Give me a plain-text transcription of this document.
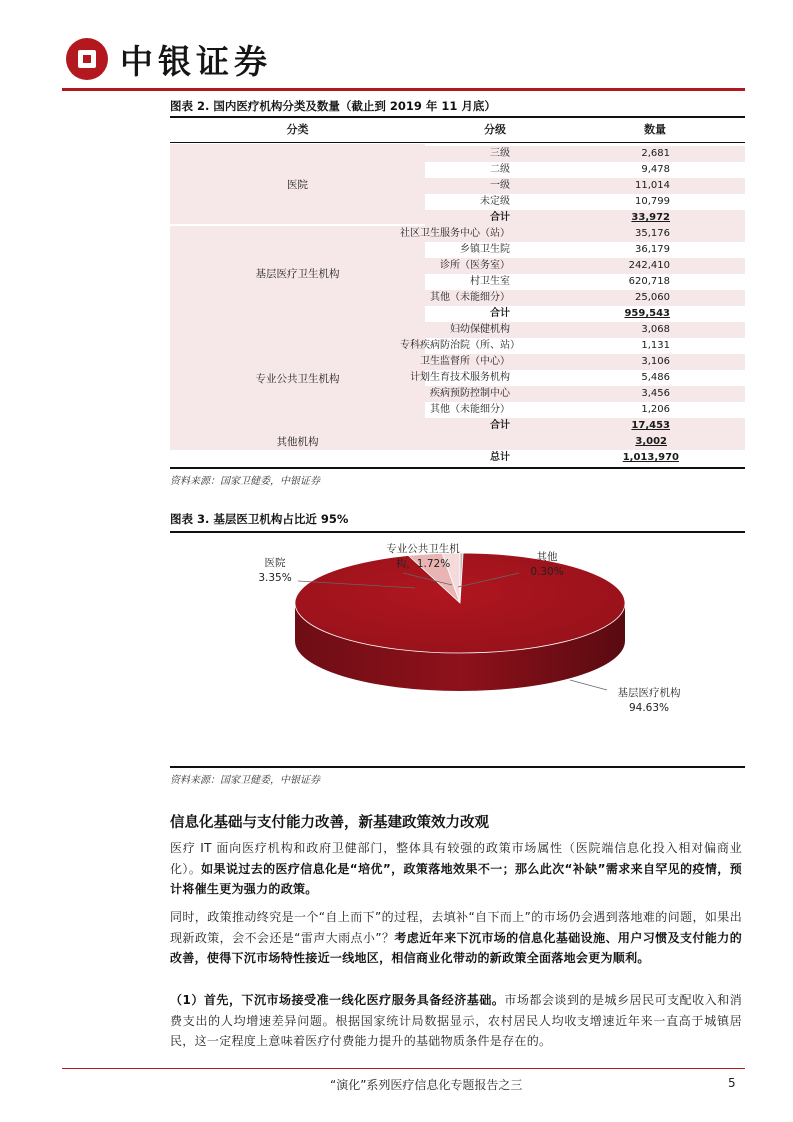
中银证券
图表 2. 国内医疗机构分类及数量（截止到 2019 年 11 月底）
分类	分级	数量
医院
三级	2,681
二级	9,478
一级	11,014
未定级	10,799
合计	33,972
基层医疗卫生机构
社区卫生服务中心（站）	35,176
乡镇卫生院	36,179
诊所（医务室）	242,410
村卫生室	620,718
其他（未能细分）	25,060
合计	959,543
专业公共卫生机构
妇幼保健机构	3,068
专科疾病防治院（所、站）	1,131
卫生监督所（中心）	3,106
计划生育技术服务机构	5,486
疾病预防控制中心	3,456
其他（未能细分）	1,206
合计	17,453
其他机构	3,002
总计	1,013,970
资料来源：国家卫健委，中银证券
图表 3. 基层医卫机构占比近 95%
医院
3.35%
专业公共卫生机
构，1.72%
其他
0.30%
基层医疗机构
94.63%
资料来源：国家卫健委，中银证券
信息化基础与支付能力改善，新基建政策效力改观
医疗 IT 面向医疗机构和政府卫健部门，整体具有较强的政策市场属性（医院端信息化投入相对偏商业化）。如果说过去的医疗信息化是“培优”，政策落地效果不一；那么此次“补缺”需求来自罕见的疫情，预计将催生更为强力的政策。
同时，政策推动终究是一个“自上而下”的过程，去填补“自下而上”的市场仍会遇到落地难的问题，如果出现新政策，会不会还是“雷声大雨点小”？考虑近年来下沉市场的信息化基础设施、用户习惯及支付能力的改善，使得下沉市场特性接近一线地区，相信商业化带动的新政策全面落地会更为顺利。
（1）首先，下沉市场接受准一线化医疗服务具备经济基础。市场都会谈到的是城乡居民可支配收入和消费支出的人均增速差异问题。根据国家统计局数据显示，农村居民人均收支增速近年来一直高于城镇居民，这一定程度上意味着医疗付费能力提升的基础物质条件是存在的。
“演化”系列医疗信息化专题报告之三	5
